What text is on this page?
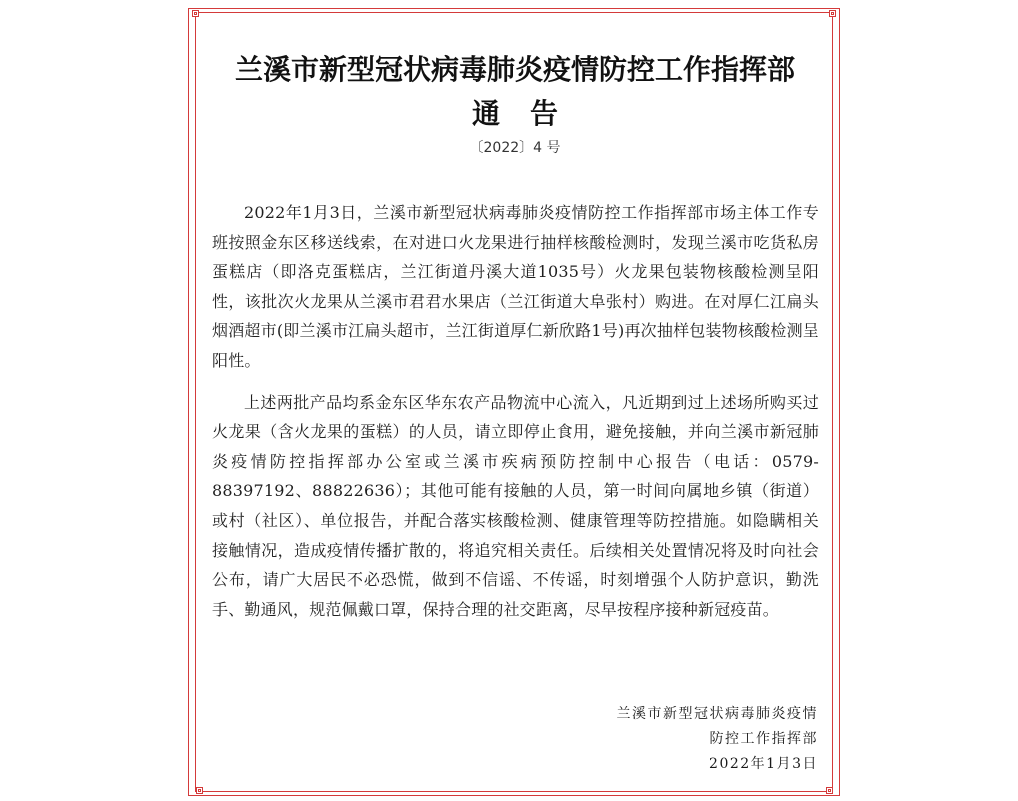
兰溪市新型冠状病毒肺炎疫情防控工作指挥部
通告
〔2022〕4 号

2022年1月3日，兰溪市新型冠状病毒肺炎疫情防控工作指挥部市场主体工作专班按照金东区移送线索，在对进口火龙果进行抽样核酸检测时，发现兰溪市吃货私房蛋糕店（即洛克蛋糕店，兰江街道丹溪大道1035号）火龙果包装物核酸检测呈阳性，该批次火龙果从兰溪市君君水果店（兰江街道大阜张村）购进。在对厚仁江扁头烟酒超市(即兰溪市江扁头超市，兰江街道厚仁新欣路1号)再次抽样包装物核酸检测呈阳性。

上述两批产品均系金东区华东农产品物流中心流入，凡近期到过上述场所购买过火龙果（含火龙果的蛋糕）的人员，请立即停止食用，避免接触，并向兰溪市新冠肺炎疫情防控指挥部办公室或兰溪市疾病预防控制中心报告（电话：0579-88397192、88822636）；其他可能有接触的人员，第一时间向属地乡镇（街道）或村（社区）、单位报告，并配合落实核酸检测、健康管理等防控措施。如隐瞒相关接触情况，造成疫情传播扩散的，将追究相关责任。后续相关处置情况将及时向社会公布，请广大居民不必恐慌，做到不信谣、不传谣，时刻增强个人防护意识，勤洗手、勤通风，规范佩戴口罩，保持合理的社交距离，尽早按程序接种新冠疫苗。

兰溪市新型冠状病毒肺炎疫情
防控工作指挥部
2022年1月3日
